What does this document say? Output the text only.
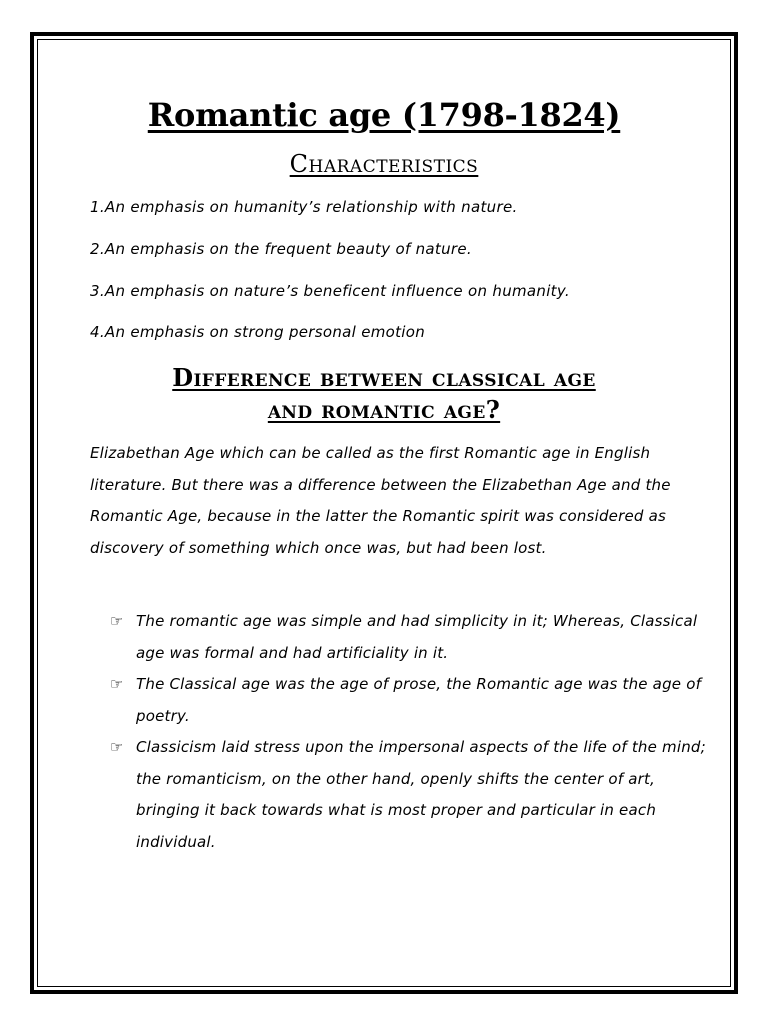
Romantic age (1798-1824)
Characteristics
1.An emphasis on humanity’s relationship with nature.
2.An emphasis on the frequent beauty of nature.
3.An emphasis on nature’s beneficent influence on humanity.
4.An emphasis on strong personal emotion
Difference between classical age
and romantic age?
Elizabethan Age which can be called as the first Romantic age in English literature. But there was a difference between the Elizabethan Age and the Romantic Age, because in the latter the Romantic spirit was considered as discovery of something which once was, but had been lost.
☞ The romantic age was simple and had simplicity in it; Whereas, Classical age was formal and had artificiality in it.
☞ The Classical age was the age of prose, the Romantic age was the age of poetry.
☞ Classicism laid stress upon the impersonal aspects of the life of the mind; the romanticism, on the other hand, openly shifts the center of art, bringing it back towards what is most proper and particular in each individual.
